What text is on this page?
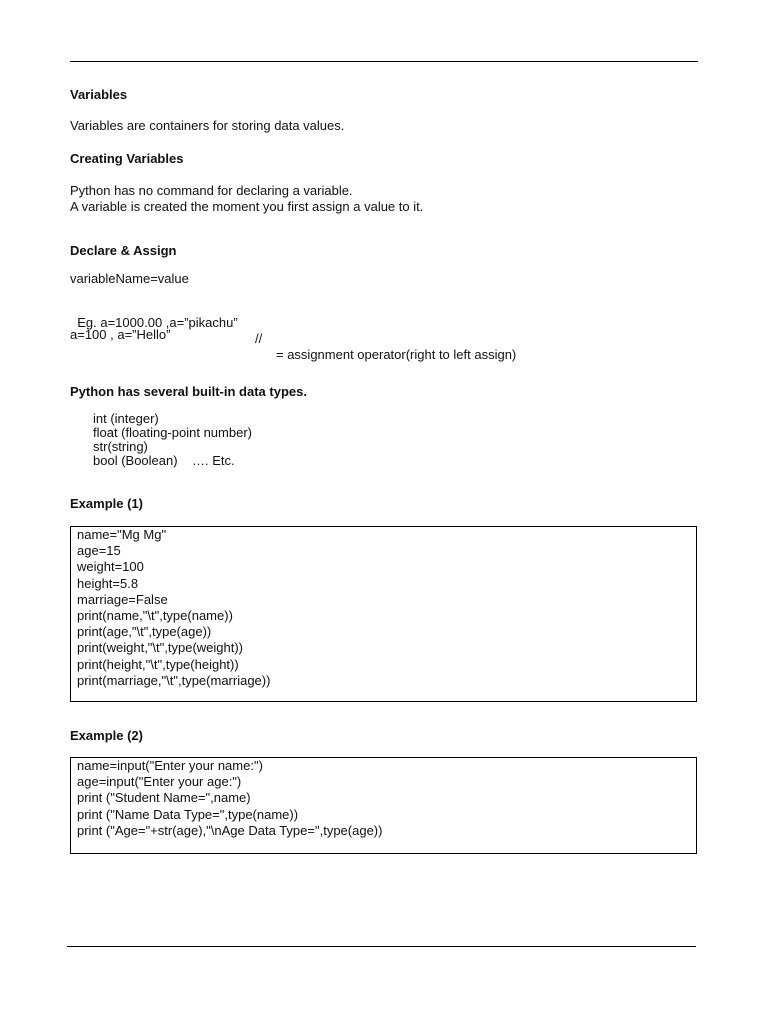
Variables
Variables are containers for storing data values.
Creating Variables
Python has no command for declaring a variable.
A variable is created the moment you first assign a value to it.
Declare & Assign
variableName=value

Eg. a=1000.00 ,a=”pikachu”

//

= assignment operator(right to left assign)

a=100 , a=”Hello”
Python has several built-in data types.
int (integer)
float (floating-point number)
str(string)
bool (Boolean)    …. Etc.
Example (1)
name="Mg Mg"
age=15
weight=100
height=5.8
marriage=False
print(name,"\t",type(name))
print(age,"\t",type(age))
print(weight,"\t",type(weight))
print(height,"\t",type(height))
print(marriage,"\t",type(marriage))
Example (2)
name=input("Enter your name:")
age=input("Enter your age:")
print ("Student Name=",name)
print ("Name Data Type=",type(name))
print ("Age="+str(age),"\nAge Data Type=",type(age))
